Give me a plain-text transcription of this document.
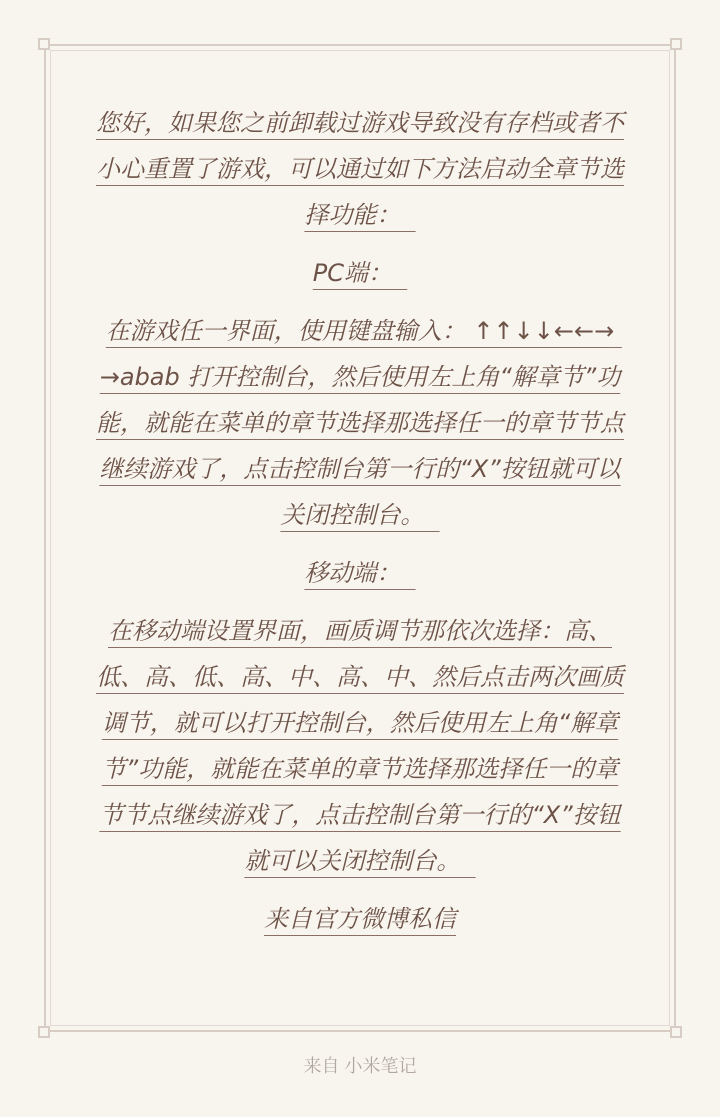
您好，如果您之前卸载过游戏导致没有存档或者不小心重置了游戏，可以通过如下方法启动全章节选择功能：

PC端：

在游戏任一界面，使用键盘输入： ↑↑↓↓←←→ →abab 打开控制台，然后使用左上角“解章节”功能，就能在菜单的章节选择那选择任一的章节节点继续游戏了，点击控制台第一行的“X”按钮就可以关闭控制台。

移动端：

在移动端设置界面，画质调节那依次选择：高、低、高、低、高、中、高、中、然后点击两次画质调节，就可以打开控制台，然后使用左上角“解章节”功能，就能在菜单的章节选择那选择任一的章节节点继续游戏了，点击控制台第一行的“X”按钮就可以关闭控制台。

来自官方微博私信

来自 小米笔记
